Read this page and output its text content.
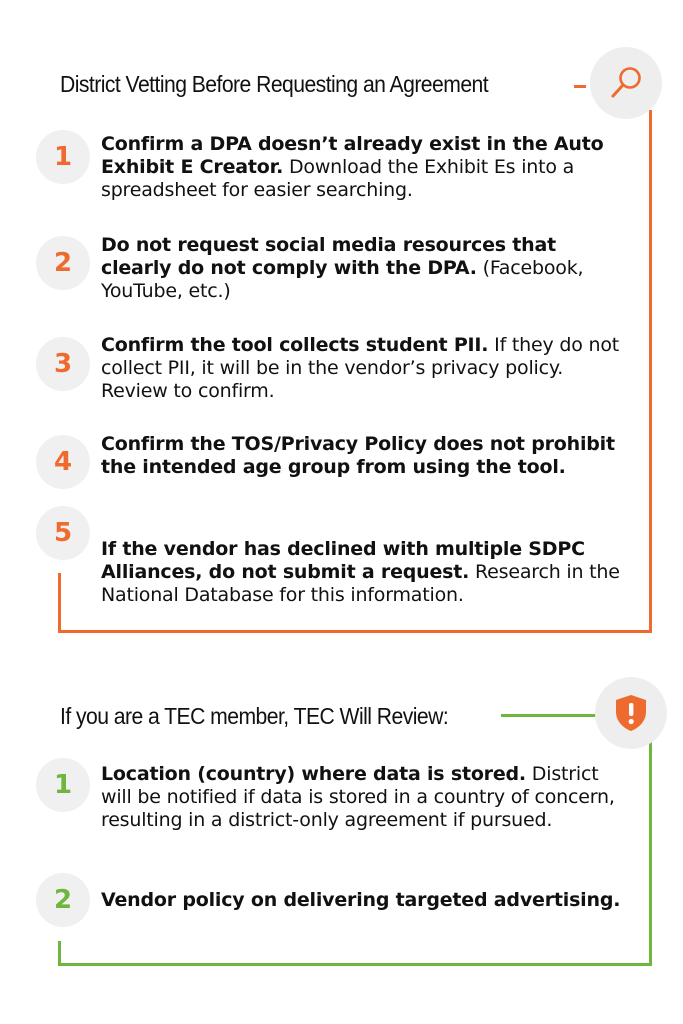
District Vetting Before Requesting an Agreement
1	Confirm a DPA doesn’t already exist in the Auto Exhibit E Creator. Download the Exhibit Es into a spreadsheet for easier searching.
2
Do not request social media resources that clearly do not comply with the DPA. (Facebook, YouTube, etc.)
3
Confirm the tool collects student PII. If they do not collect PII, it will be in the vendor’s privacy policy. Review to confirm.
4
Confirm the TOS/Privacy Policy does not prohibit the intended age group from using the tool.
5
If the vendor has declined with multiple SDPC Alliances, do not submit a request. Research in the National Database for this information.
If you are a TEC member, TEC Will Review:
1	Location (country) where data is stored. District will be notified if data is stored in a country of concern, resulting in a district-only agreement if pursued.
2	Vendor policy on delivering targeted advertising.
